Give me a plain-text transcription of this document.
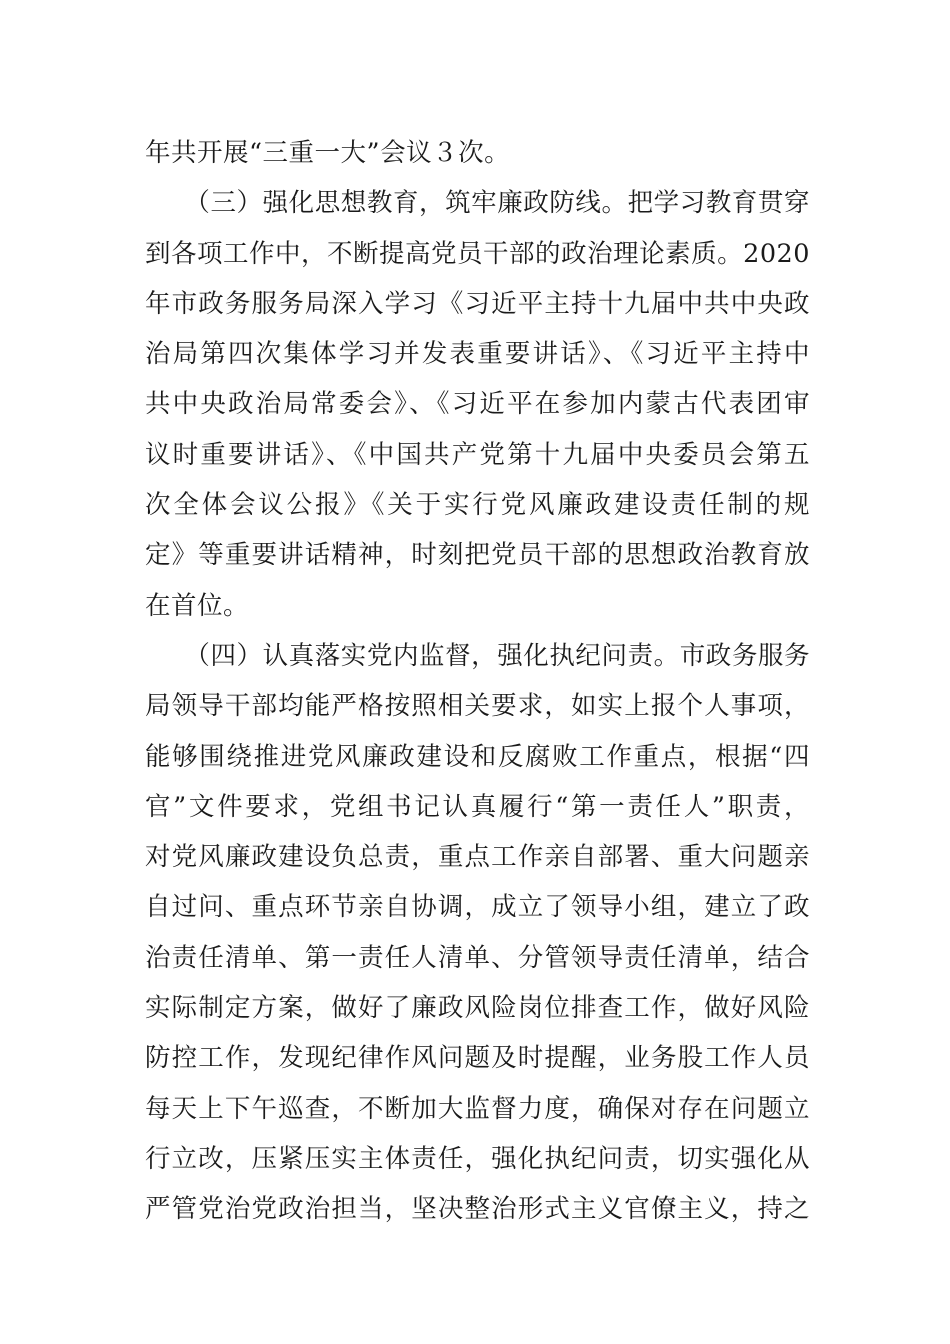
年共开展“三重一大”会议３次。
　　（三）强化思想教育，筑牢廉政防线。把学习教育贯穿
到各项工作中，不断提高党员干部的政治理论素质。2020
年市政务服务局深入学习《习近平主持十九届中共中央政
治局第四次集体学习并发表重要讲话》、《习近平主持中
共中央政治局常委会》、《习近平在参加内蒙古代表团审
议时重要讲话》、《中国共产党第十九届中央委员会第五
次全体会议公报》《关于实行党风廉政建设责任制的规
定》等重要讲话精神，时刻把党员干部的思想政治教育放
在首位。
　　（四）认真落实党内监督，强化执纪问责。市政务服务
局领导干部均能严格按照相关要求，如实上报个人事项，
能够围绕推进党风廉政建设和反腐败工作重点，根据“四
官”文件要求，党组书记认真履行“第一责任人”职责，
对党风廉政建设负总责，重点工作亲自部署、重大问题亲
自过问、重点环节亲自协调，成立了领导小组，建立了政
治责任清单、第一责任人清单、分管领导责任清单，结合
实际制定方案，做好了廉政风险岗位排查工作，做好风险
防控工作，发现纪律作风问题及时提醒，业务股工作人员
每天上下午巡查，不断加大监督力度，确保对存在问题立
行立改，压紧压实主体责任，强化执纪问责，切实强化从
严管党治党政治担当，坚决整治形式主义官僚主义，持之
